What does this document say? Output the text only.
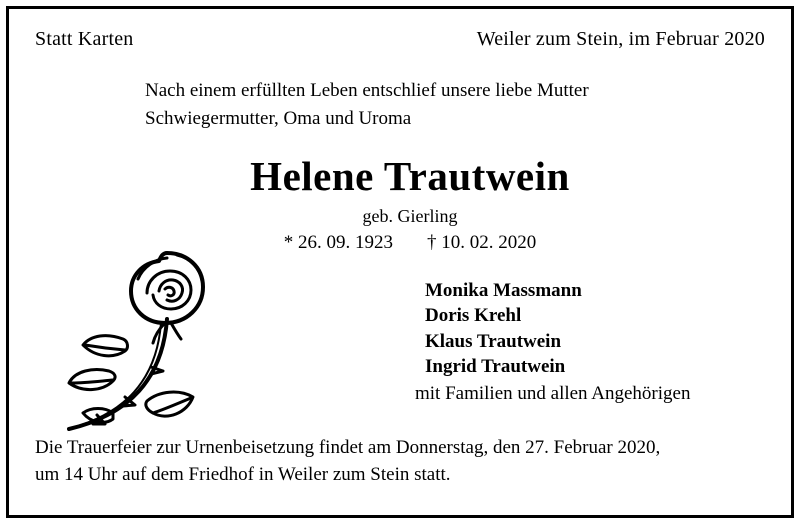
Statt Karten	Weiler zum Stein, im Februar 2020
Nach einem erfüllten Leben entschlief unsere liebe Mutter
Schwiegermutter, Oma und Uroma
Helene Trautwein
geb. Gierling
* 26. 09. 1923 † 10. 02. 2020
Monika Massmann
Doris Krehl
Klaus Trautwein
Ingrid Trautwein
mit Familien und allen Angehörigen
Die Trauerfeier zur Urnenbeisetzung findet am Donnerstag, den 27. Februar 2020,
um 14 Uhr auf dem Friedhof in Weiler zum Stein statt.
